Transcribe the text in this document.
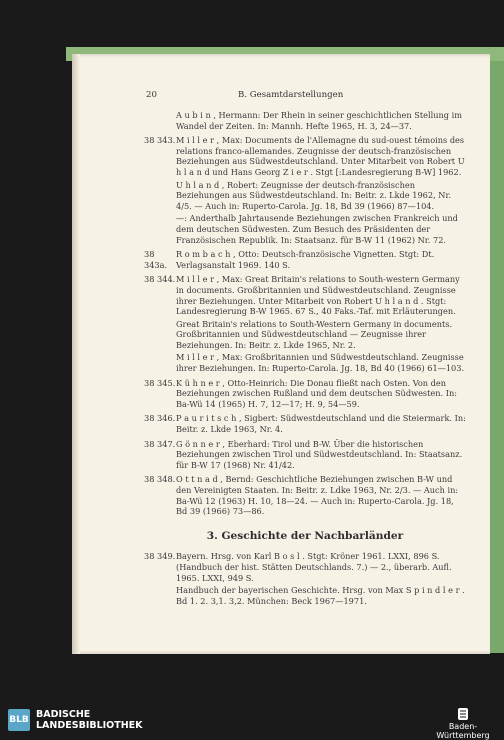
20	B. Gesamtdarstellungen
A u b i n , Hermann: Der Rhein in seiner geschichtlichen Stellung im Wandel der Zeiten. In: Mannh. Hefte 1965, H. 3, 24—37.
38 343. M i l l e r , Max: Documents de l'Allemagne du sud-ouest témoins des relations franco-allemandes. Zeugnisse der deutsch-französischen Beziehungen aus Südwestdeutschland. Unter Mitarbeit von Robert U h l a n d und Hans Georg Z i e r . Stgt [:Landesregierung B-W] 1962.
U h l a n d , Robert: Zeugnisse der deutsch-französischen Beziehungen aus Südwestdeutschland. In: Beitr. z. Lkde 1962, Nr. 4/5. — Auch in: Ruperto-Carola. Jg. 18, Bd 39 (1966) 87—104.
—: Anderthalb Jahrtausende Beziehungen zwischen Frankreich und dem deutschen Südwesten. Zum Besuch des Präsidenten der Französischen Republik. In: Staatsanz. für B-W 11 (1962) Nr. 72.
38 343a.
R o m b a c h , Otto: Deutsch-französische Vignetten. Stgt: Dt. Verlagsanstalt 1969. 140 S.
38 344. M i l l e r , Max: Great Britain's relations to South-western Germany in documents. Großbritannien und Südwestdeutschland. Zeugnisse ihrer Beziehungen. Unter Mitarbeit von Robert U h l a n d . Stgt: Landesregierung B-W 1965. 67 S., 40 Faks.-Taf. mit Erläuterungen.
Great Britain's relations to South-Western Germany in documents. Großbritannien und Südwestdeutschland — Zeugnisse ihrer Beziehungen. In: Beitr. z. Lkde 1965, Nr. 2.
M i l l e r , Max: Großbritannien und Südwestdeutschland. Zeugnisse ihrer Beziehungen. In: Ruperto-Carola. Jg. 18, Bd 40 (1966) 61—103.
38 345. K ü h n e r , Otto-Heinrich: Die Donau fließt nach Osten. Von den Beziehungen zwischen Rußland und dem deutschen Südwesten. In: Ba-Wü 14 (1965) H. 7, 12—17; H. 9, 54—59.
38 346. P a u r i t s c h , Sigbert: Südwestdeutschland und die Steiermark. In: Beitr. z. Lkde 1963, Nr. 4.
38 347. G ö n n e r , Eberhard: Tirol und B-W. Über die historischen Beziehungen zwischen Tirol und Südwestdeutschland. In: Staatsanz. für B-W 17 (1968) Nr. 41/42.
38 348. O t t n a d , Bernd: Geschichtliche Beziehungen zwischen B-W und den Vereinigten Staaten. In: Beitr. z. Ldke 1963, Nr. 2/3. — Auch in: Ba-Wü 12 (1963) H. 10, 18—24. — Auch in: Ruperto-Carola. Jg. 18, Bd 39 (1966) 73—86.
3. Geschichte der Nachbarländer
38 349. Bayern. Hrsg. von Karl B o s l . Stgt: Kröner 1961. LXXI, 896 S. (Handbuch der hist. Stätten Deutschlands. 7.) — 2., überarb. Aufl. 1965. LXXI, 949 S.
Handbuch der bayerischen Geschichte. Hrsg. von Max S p i n d l e r . Bd 1. 2. 3,1. 3,2. München: Beck 1967—1971.
BLB BADISCHE
LANDESBIBLIOTHEK	Baden-Württemberg
